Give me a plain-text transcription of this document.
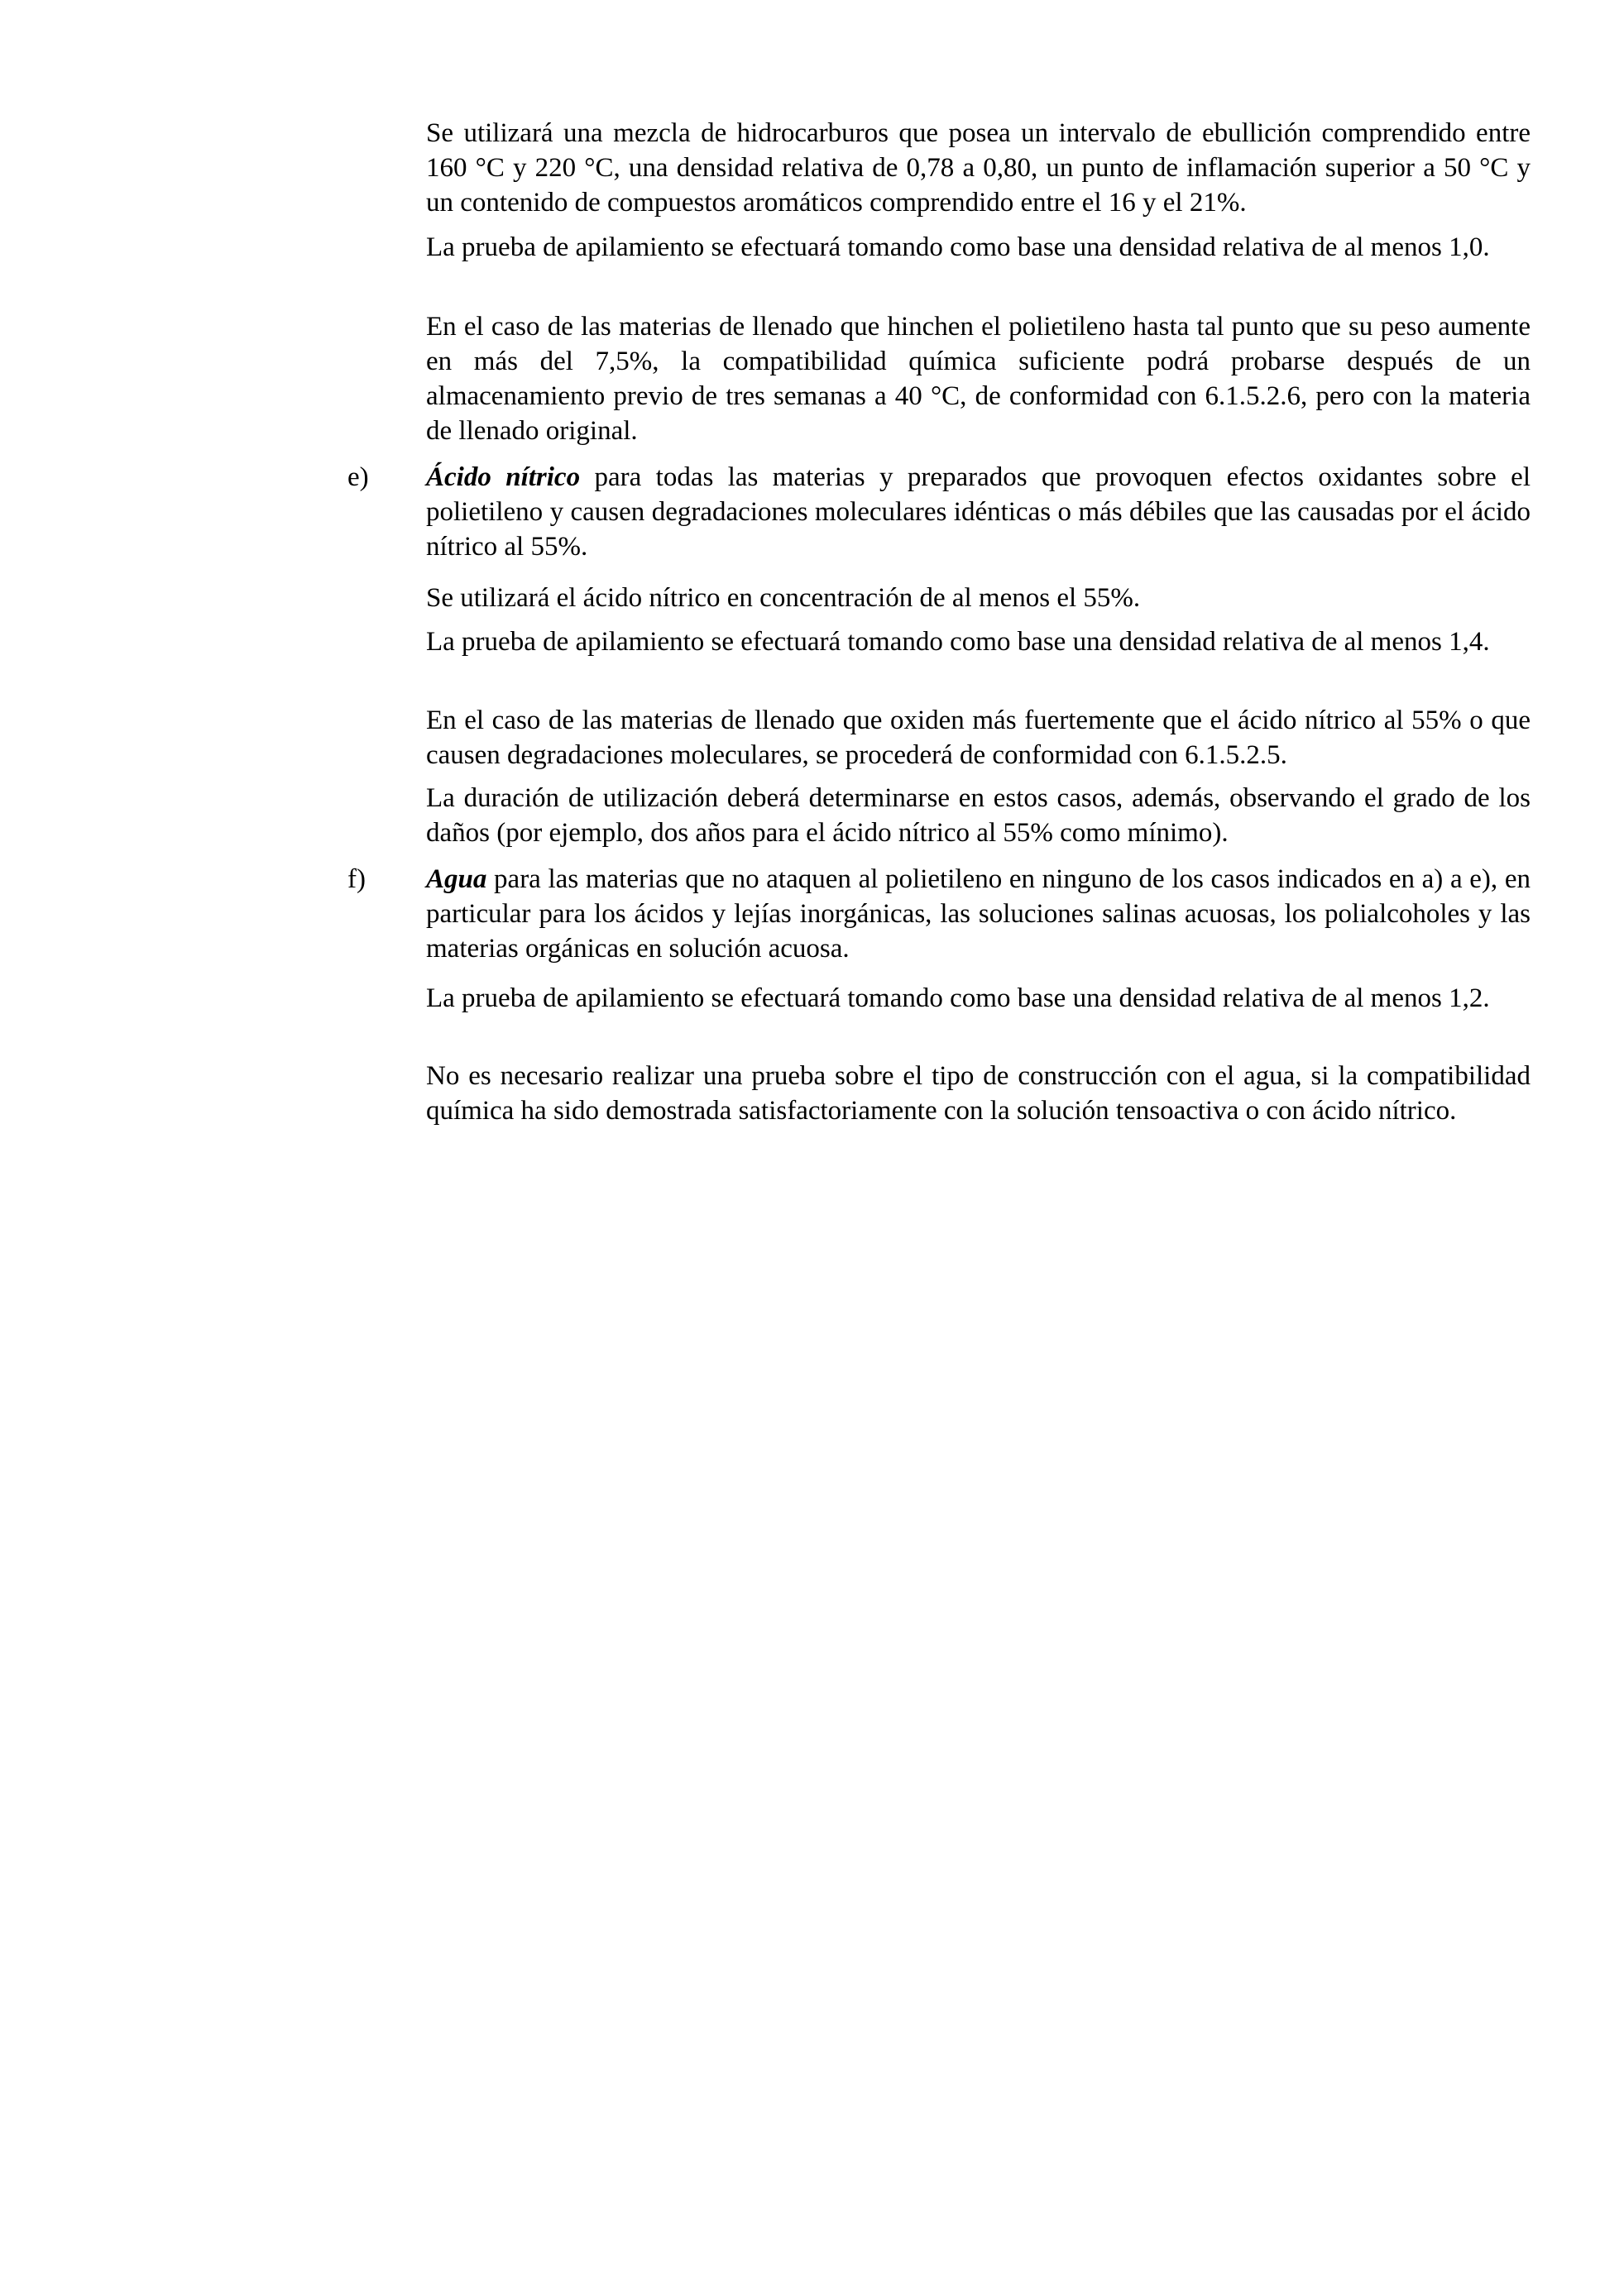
Se utilizará una mezcla de hidrocarburos que posea un intervalo de ebullición comprendido entre 160 °C y 220 °C, una densidad relativa de 0,78 a 0,80, un punto de inflamación superior a 50 °C y un contenido de compuestos aromáticos comprendido entre el 16 y el 21%.

La prueba de apilamiento se efectuará tomando como base una densidad relativa de al menos 1,0.

En el caso de las materias de llenado que hinchen el polietileno hasta tal punto que su peso aumente en más del 7,5%, la compatibilidad química suficiente podrá probarse después de un almacenamiento previo de tres semanas a 40 °C, de conformidad con 6.1.5.2.6, pero con la materia de llenado original.

e) Ácido nítrico para todas las materias y preparados que provoquen efectos oxidantes sobre el polietileno y causen degradaciones moleculares idénticas o más débiles que las causadas por el ácido nítrico al 55%.

Se utilizará el ácido nítrico en concentración de al menos el 55%.

La prueba de apilamiento se efectuará tomando como base una densidad relativa de al menos 1,4.

En el caso de las materias de llenado que oxiden más fuertemente que el ácido nítrico al 55% o que causen degradaciones moleculares, se procederá de conformidad con 6.1.5.2.5.

La duración de utilización deberá determinarse en estos casos, además, observando el grado de los daños (por ejemplo, dos años para el ácido nítrico al 55% como mínimo).

f) Agua para las materias que no ataquen al polietileno en ninguno de los casos indicados en a) a e), en particular para los ácidos y lejías inorgánicas, las soluciones salinas acuosas, los polialcoholes y las materias orgánicas en solución acuosa.

La prueba de apilamiento se efectuará tomando como base una densidad relativa de al menos 1,2.

No es necesario realizar una prueba sobre el tipo de construcción con el agua, si la compatibilidad química ha sido demostrada satisfactoriamente con la solución tensoactiva o con ácido nítrico.
